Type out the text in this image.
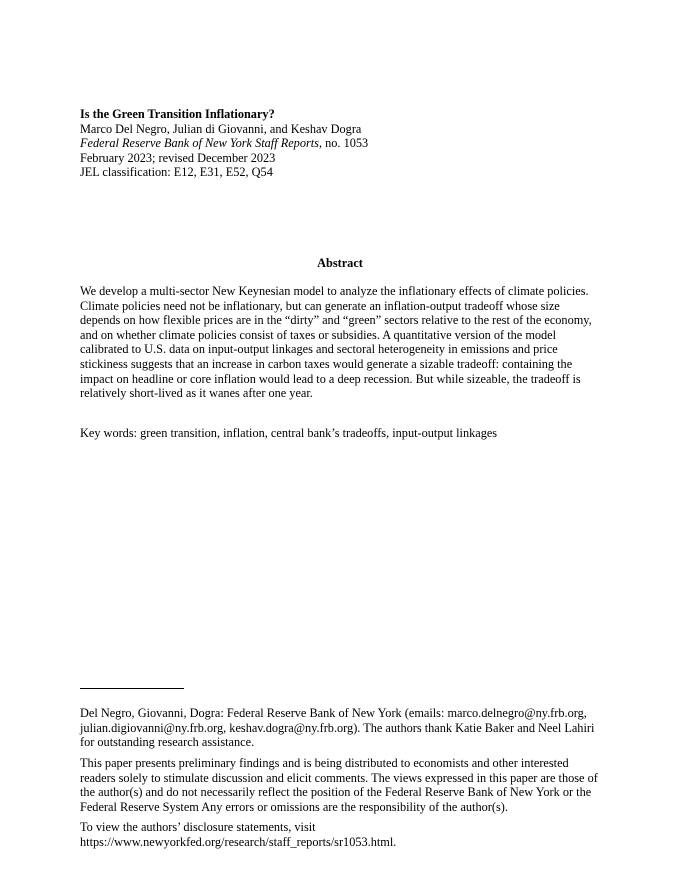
Is the Green Transition Inflationary?
Marco Del Negro, Julian di Giovanni, and Keshav Dogra
Federal Reserve Bank of New York Staff Reports, no. 1053
February 2023; revised December 2023
JEL classification: E12, E31, E52, Q54
Abstract
We develop a multi-sector New Keynesian model to analyze the inflationary effects of climate policies.
Climate policies need not be inflationary, but can generate an inflation-output tradeoff whose size
depends on how flexible prices are in the “dirty” and “green” sectors relative to the rest of the economy,
and on whether climate policies consist of taxes or subsidies. A quantitative version of the model
calibrated to U.S. data on input-output linkages and sectoral heterogeneity in emissions and price
stickiness suggests that an increase in carbon taxes would generate a sizable tradeoff: containing the
impact on headline or core inflation would lead to a deep recession. But while sizeable, the tradeoff is
relatively short-lived as it wanes after one year.
Key words: green transition, inflation, central bank’s tradeoffs, input-output linkages
Del Negro, Giovanni, Dogra: Federal Reserve Bank of New York (emails: marco.delnegro@ny.frb.org,
julian.digiovanni@ny.frb.org, keshav.dogra@ny.frb.org). The authors thank Katie Baker and Neel Lahiri
for outstanding research assistance.
This paper presents preliminary findings and is being distributed to economists and other interested
readers solely to stimulate discussion and elicit comments. The views expressed in this paper are those of
the author(s) and do not necessarily reflect the position of the Federal Reserve Bank of New York or the
Federal Reserve System Any errors or omissions are the responsibility of the author(s).
To view the authors’ disclosure statements, visit
https://www.newyorkfed.org/research/staff_reports/sr1053.html.
